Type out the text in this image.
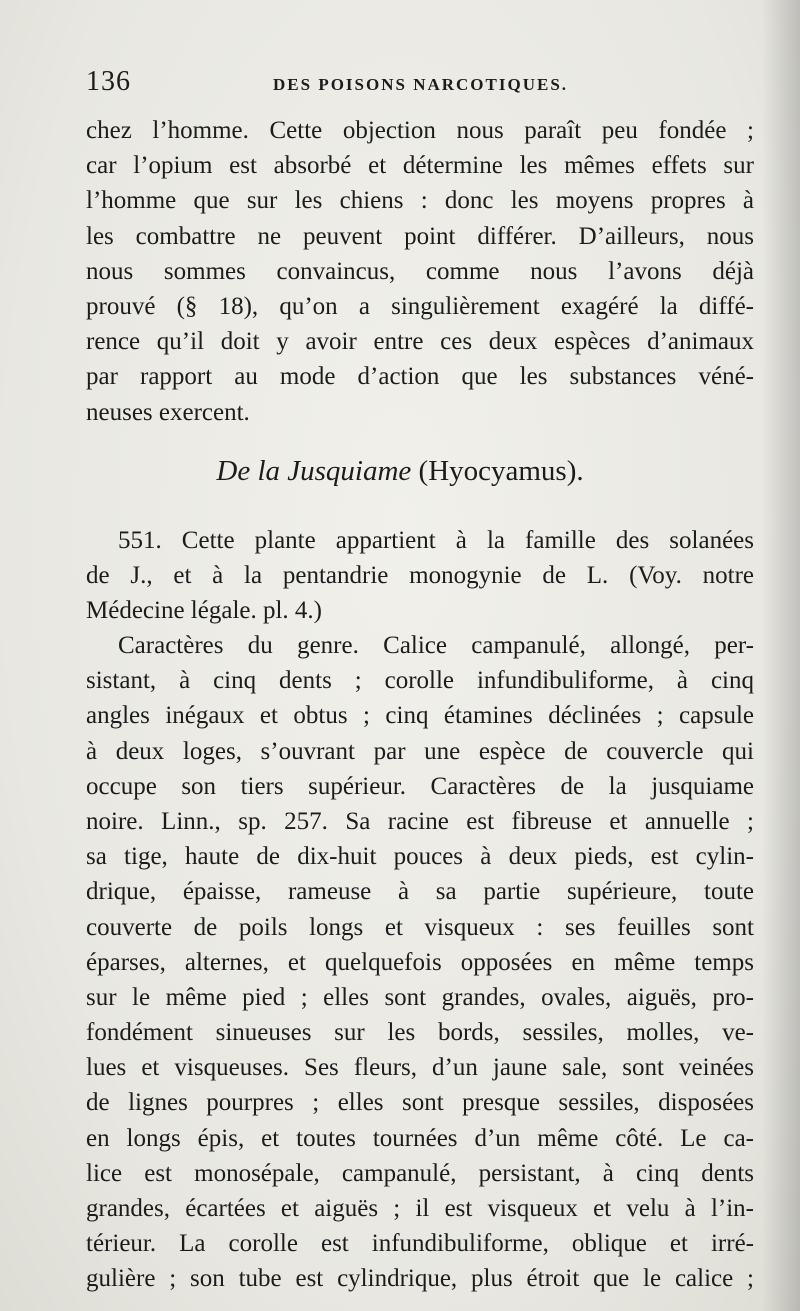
136	DES POISONS NARCOTIQUES.
chez l’homme. Cette objection nous paraît peu fondée ;
car l’opium est absorbé et détermine les mêmes effets sur
l’homme que sur les chiens : donc les moyens propres à
les combattre ne peuvent point différer. D’ailleurs, nous
nous sommes convaincus, comme nous l’avons déjà
prouvé (§ 18), qu’on a singulièrement exagéré la diffé-
rence qu’il doit y avoir entre ces deux espèces d’animaux
par rapport au mode d’action que les substances véné-
neuses exercent.
De la Jusquiame (Hyocyamus).
551. Cette plante appartient à la famille des solanées
de J., et à la pentandrie monogynie de L. (Voy. notre
Médecine légale. pl. 4.)
Caractères du genre. Calice campanulé, allongé, per-
sistant, à cinq dents ; corolle infundibuliforme, à cinq
angles inégaux et obtus ; cinq étamines déclinées ; capsule
à deux loges, s’ouvrant par une espèce de couvercle qui
occupe son tiers supérieur. Caractères de la jusquiame
noire. Linn., sp. 257. Sa racine est fibreuse et annuelle ;
sa tige, haute de dix-huit pouces à deux pieds, est cylin-
drique, épaisse, rameuse à sa partie supérieure, toute
couverte de poils longs et visqueux : ses feuilles sont
éparses, alternes, et quelquefois opposées en même temps
sur le même pied ; elles sont grandes, ovales, aiguës, pro-
fondément sinueuses sur les bords, sessiles, molles, ve-
lues et visqueuses. Ses fleurs, d’un jaune sale, sont veinées
de lignes pourpres ; elles sont presque sessiles, disposées
en longs épis, et toutes tournées d’un même côté. Le ca-
lice est monosépale, campanulé, persistant, à cinq dents
grandes, écartées et aiguës ; il est visqueux et velu à l’in-
térieur. La corolle est infundibuliforme, oblique et irré-
gulière ; son tube est cylindrique, plus étroit que le calice ;
